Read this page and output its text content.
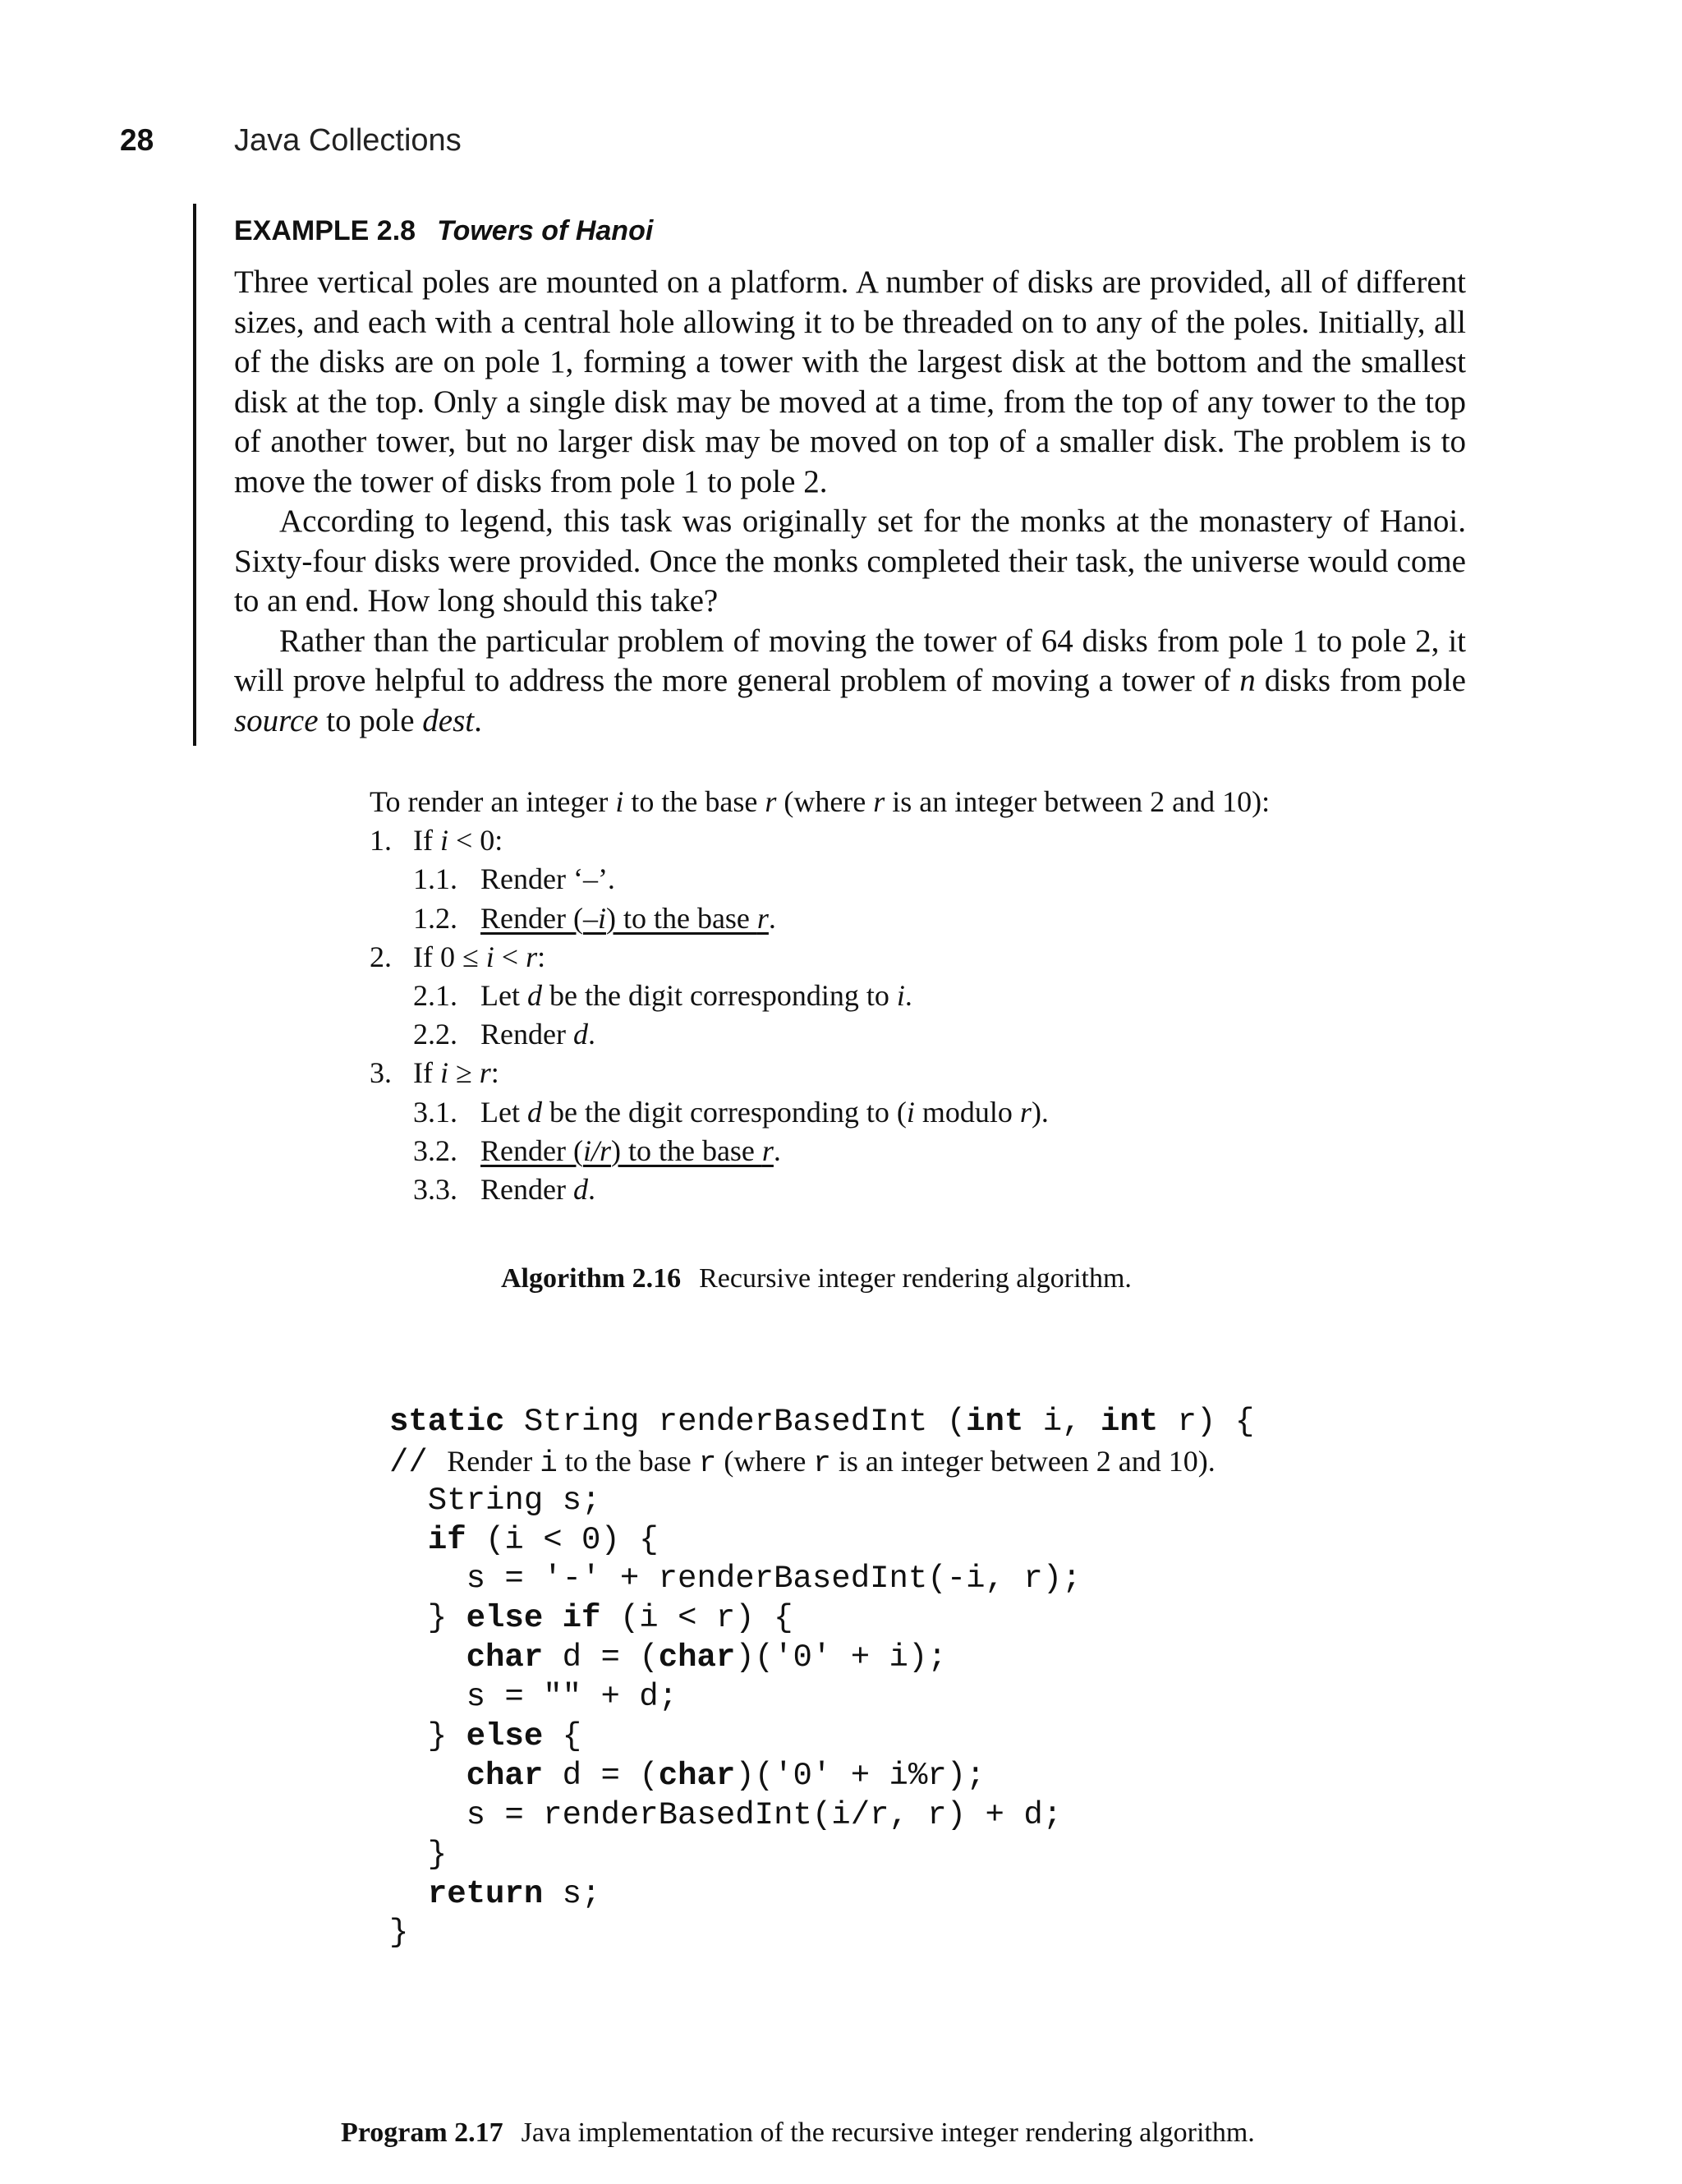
28	Java Collections
EXAMPLE 2.8 Towers of Hanoi

Three vertical poles are mounted on a platform. A number of disks are provided, all of different sizes, and each with a central hole allowing it to be threaded on to any of the poles. Initially, all of the disks are on pole 1, forming a tower with the largest disk at the bottom and the smallest disk at the top. Only a single disk may be moved at a time, from the top of any tower to the top of another tower, but no larger disk may be moved on top of a smaller disk. The problem is to move the tower of disks from pole 1 to pole 2.

According to legend, this task was originally set for the monks at the monastery of Hanoi. Sixty-four disks were provided. Once the monks completed their task, the universe would come to an end. How long should this take?

Rather than the particular problem of moving the tower of 64 disks from pole 1 to pole 2, it will prove helpful to address the more general problem of moving a tower of n disks from pole source to pole dest.

To render an integer i to the base r (where r is an integer between 2 and 10):

1. If i < 0:
1.1. Render ‘–’.
1.2. Render (–i) to the base r.
2. If 0 ≤ i < r:
2.1. Let d be the digit corresponding to i.
2.2. Render d.
3. If i ≥ r:
3.1. Let d be the digit corresponding to (i modulo r).
3.2. Render (i/r) to the base r.
3.3. Render d.
Algorithm 2.16 Recursive integer rendering algorithm.

static String renderBasedInt (int i, int r) {
// Render i to the base r (where r is an integer between 2 and 10).
String s;
if (i < 0) {
s = '-' + renderBasedInt(-i, r);
} else if (i < r) {
char d = (char)('0' + i);
s = "" + d;
} else {
char d = (char)('0' + i%r);
s = renderBasedInt(i/r, r) + d;
}
return s;
}

Program 2.17 Java implementation of the recursive integer rendering algorithm.
